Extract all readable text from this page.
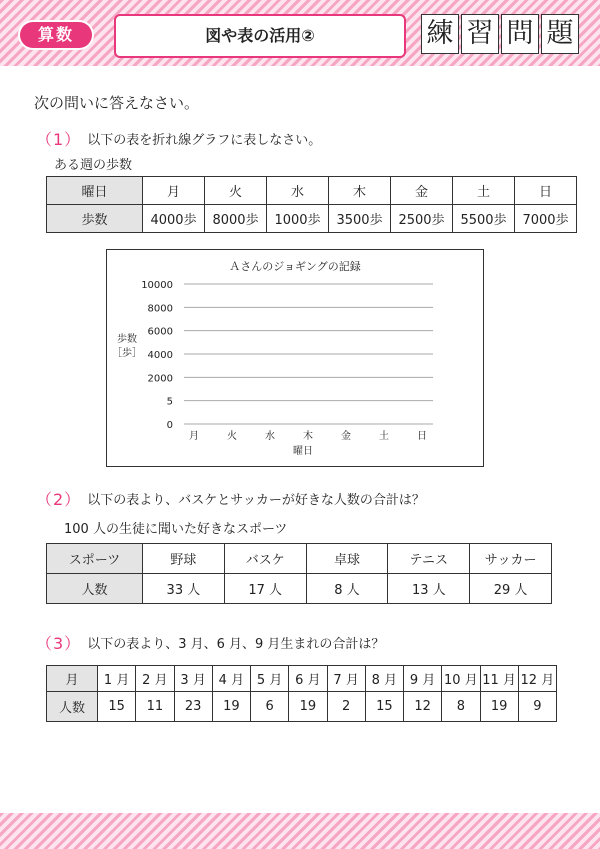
算数	図や表の活用②	練 習 問 題
次の問いに答えなさい。
（1） 以下の表を折れ線グラフに表しなさい。
ある週の歩数
曜日	月	火	水	木	金	土	日
歩数	4000歩	8000歩	1000歩	3500歩	2500歩	5500歩	7000歩
Ａさんのジョギングの記録
0
5
2000
4000
6000
8000
10000
月	火	水	木	金	土	日
曜日
歩数
［歩］
（2） 以下の表より、バスケとサッカーが好きな人数の合計は？
100 人の生徒に聞いた好きなスポーツ
スポーツ	野球	バスケ	卓球	テニス	サッカー
人数	33 人	17 人	8 人	13 人	29 人
（3） 以下の表より、3 月、6 月、9 月生まれの合計は？
月	1 月	2 月	3 月	4 月	5 月	6 月	7 月	8 月	9 月	10 月	11 月	12 月
人数	15	11	23	19	6	19	2	15	12	8	19	9
